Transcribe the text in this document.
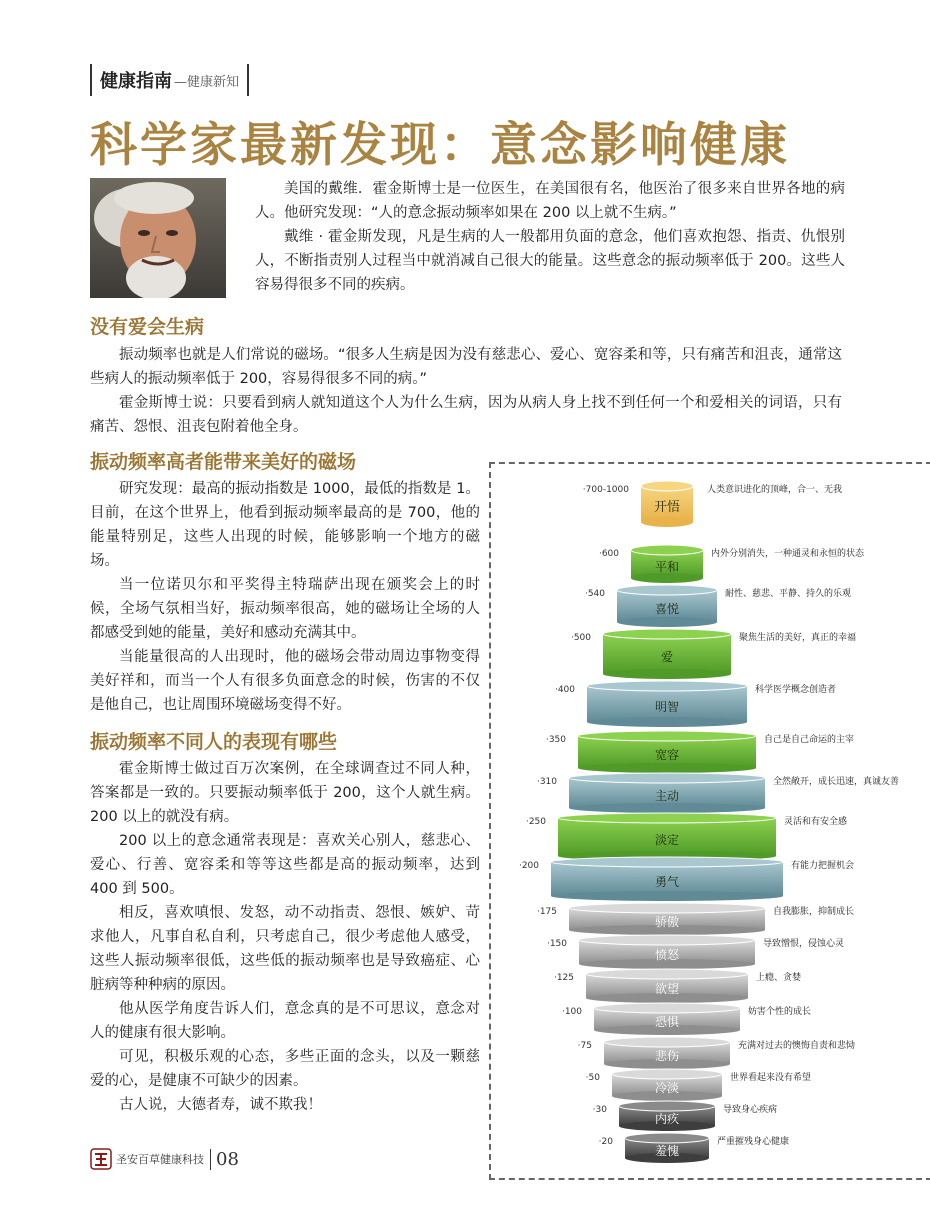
健康指南 —健康新知
科学家最新发现：意念影响健康

美国的戴维．霍金斯博士是一位医生，在美国很有名，他医治了很多来自世界各地的病人。他研究发现：“人的意念振动频率如果在 200 以上就不生病。”

戴维 · 霍金斯发现，凡是生病的人一般都用负面的意念，他们喜欢抱怨、指责、仇恨别人，不断指责别人过程当中就消减自己很大的能量。这些意念的振动频率低于 200。这些人容易得很多不同的疾病。

没有爱会生病

振动频率也就是人们常说的磁场。“很多人生病是因为没有慈悲心、爱心、宽容柔和等，只有痛苦和沮丧，通常这些病人的振动频率低于 200，容易得很多不同的病。”

霍金斯博士说：只要看到病人就知道这个人为什么生病，因为从病人身上找不到任何一个和爱相关的词语，只有痛苦、怨恨、沮丧包附着他全身。

振动频率高者能带来美好的磁场

研究发现：最高的振动指数是 1000，最低的指数是 1。目前，在这个世界上，他看到振动频率最高的是 700，他的能量特别足，这些人出现的时候，能够影响一个地方的磁场。

当一位诺贝尔和平奖得主特瑞萨出现在颁奖会上的时候，全场气氛相当好，振动频率很高，她的磁场让全场的人都感受到她的能量，美好和感动充满其中。

当能量很高的人出现时，他的磁场会带动周边事物变得美好祥和，而当一个人有很多负面意念的时候，伤害的不仅是他自己，也让周围环境磁场变得不好。

振动频率不同人的表现有哪些

霍金斯博士做过百万次案例，在全球调查过不同人种，答案都是一致的。只要振动频率低于 200，这个人就生病。200 以上的就没有病。

200 以上的意念通常表现是：喜欢关心别人，慈悲心、爱心、行善、宽容柔和等等这些都是高的振动频率，达到 400 到 500。

相反，喜欢嗔恨、发怒，动不动指责、怨恨、嫉妒、苛求他人，凡事自私自利，只考虑自己，很少考虑他人感受，这些人振动频率很低，这些低的振动频率也是导致癌症、心脏病等种种病的原因。

他从医学角度告诉人们，意念真的是不可思议，意念对人的健康有很大影响。

可见，积极乐观的心态，多些正面的念头，以及一颗慈爱的心，是健康不可缺少的因素。

古人说，大德者寿，诚不欺我！

开悟
·700-1000	人类意识进化的顶峰，合一、无我
平和
·600	内外分别消失，一种通灵和永恒的状态
喜悦
·540	耐性、慈悲、平静、持久的乐观
爱
·500	聚焦生活的美好，真正的幸福
明智
·400	科学医学概念创造者
宽容
·350	自己是自己命运的主宰
主动
·310	全然敞开，成长迅速，真诚友善
淡定
·250	灵活和有安全感
勇气
·200	有能力把握机会
骄傲
·175	自我膨胀，抑制成长
愤怒
·150	导致憎恨，侵蚀心灵
欲望
·125	上瘾、贪婪
恐惧
·100	妨害个性的成长
悲伤
·75	充满对过去的懊悔自责和悲恸
冷淡
·50	世界看起来没有希望
内疚
·30	导致身心疾病
羞愧
·20	严重摧残身心健康
圣安百草健康科技 08
